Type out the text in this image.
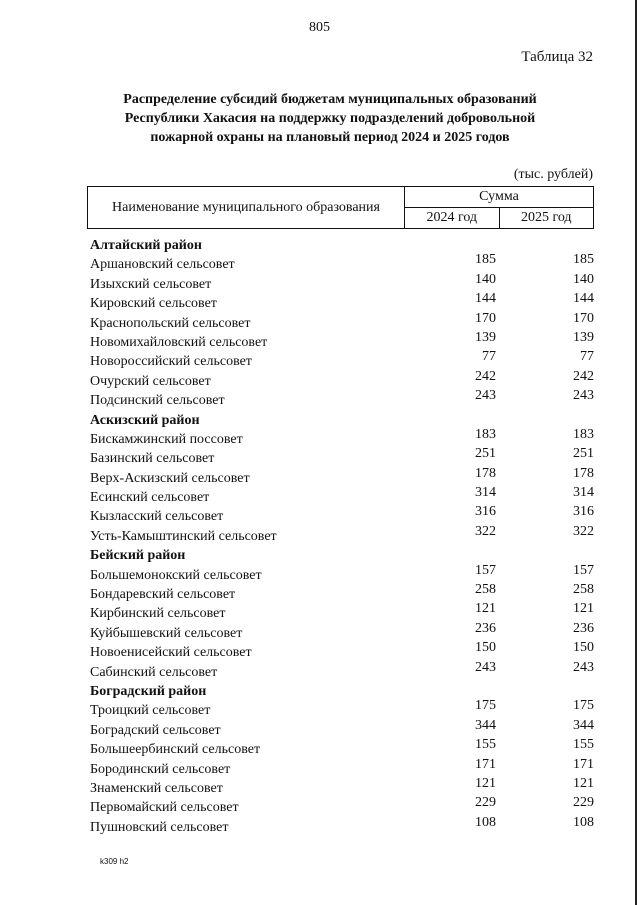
805
Таблица 32
Распределение субсидий бюджетам муниципальных образований
Республики Хакасия на поддержку подразделений добровольной
пожарной охраны на плановый период 2024 и 2025 годов
(тыс. рублей)
Наименование муниципального образования	Сумма	
	2024 год	2025 год
Алтайский район
Аршановский сельсовет	185	185
Изыхский сельсовет	140	140
Кировский сельсовет	144	144
Краснопольский сельсовет	170	170
Новомихайловский сельсовет	139	139
Новороссийский сельсовет	77	77
Очурский сельсовет	242	242
Подсинский сельсовет	243	243
Аскизский район
Бискамжинский поссовет	183	183
Базинский сельсовет	251	251
Верх-Аскизский сельсовет	178	178
Есинский сельсовет	314	314
Кызласский сельсовет	316	316
Усть-Камыштинский сельсовет	322	322
Бейский район
Большемонокский сельсовет	157	157
Бондаревский сельсовет	258	258
Кирбинский сельсовет	121	121
Куйбышевский сельсовет	236	236
Новоенисейский сельсовет	150	150
Сабинский сельсовет	243	243
Боградский район
Троицкий сельсовет	175	175
Боградский сельсовет	344	344
Большеербинский сельсовет	155	155
Бородинский сельсовет	171	171
Знаменский сельсовет	121	121
Первомайский сельсовет	229	229
Пушновский сельсовет	108	108
k309 h2
